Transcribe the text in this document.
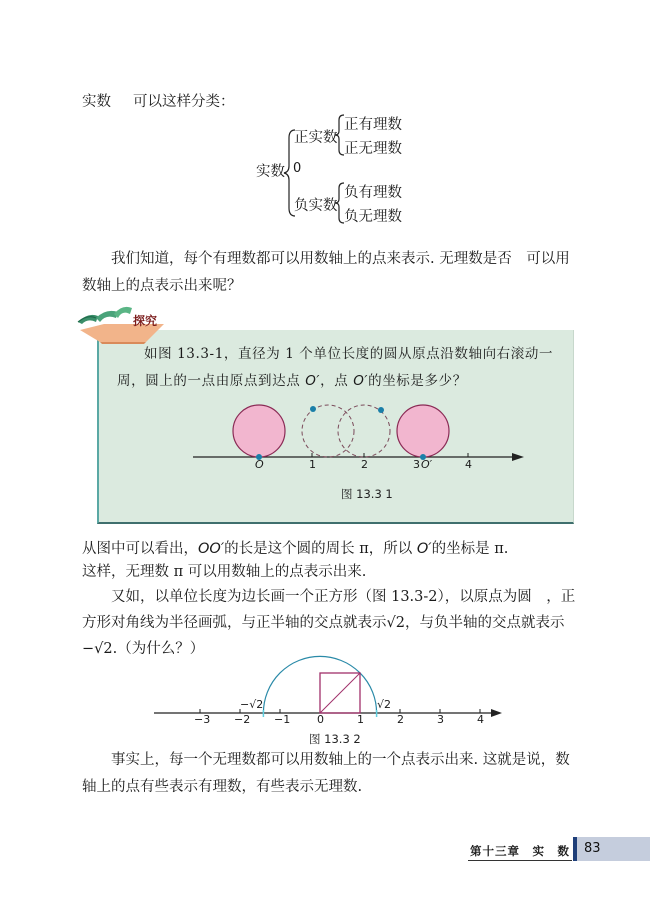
实数 可以这样分类：
实数
正实数
0
负实数
正有理数
正无理数
负有理数
负无理数
我们知道，每个有理数都可以用数轴上的点来表示. 无理数是否　可以用
数轴上的点表示出来呢？
探究
如图 13.3-1，直径为 1 个单位长度的圆从原点沿数轴向右滚动一
周，圆上的一点由原点到达点 O′，点 O′的坐标是多少？
O	1	2	3 O′	4
图 13.3 1
从图中可以看出，OO′的长是这个圆的周长 π，所以 O′的坐标是 π.
这样，无理数 π 可以用数轴上的点表示出来.
又如，以单位长度为边长画一个正方形（图 13.3-2），以原点为圆　，正
方形对角线为半径画弧，与正半轴的交点就表示√2，与负半轴的交点就表示
−√2.（为什么？）
−√2	√2
−3 −2 −1 0	1	2	3	4
图 13.3 2
事实上，每一个无理数都可以用数轴上的一个点表示出来. 这就是说，数
轴上的点有些表示有理数，有些表示无理数.
第十三章　实　数 83
